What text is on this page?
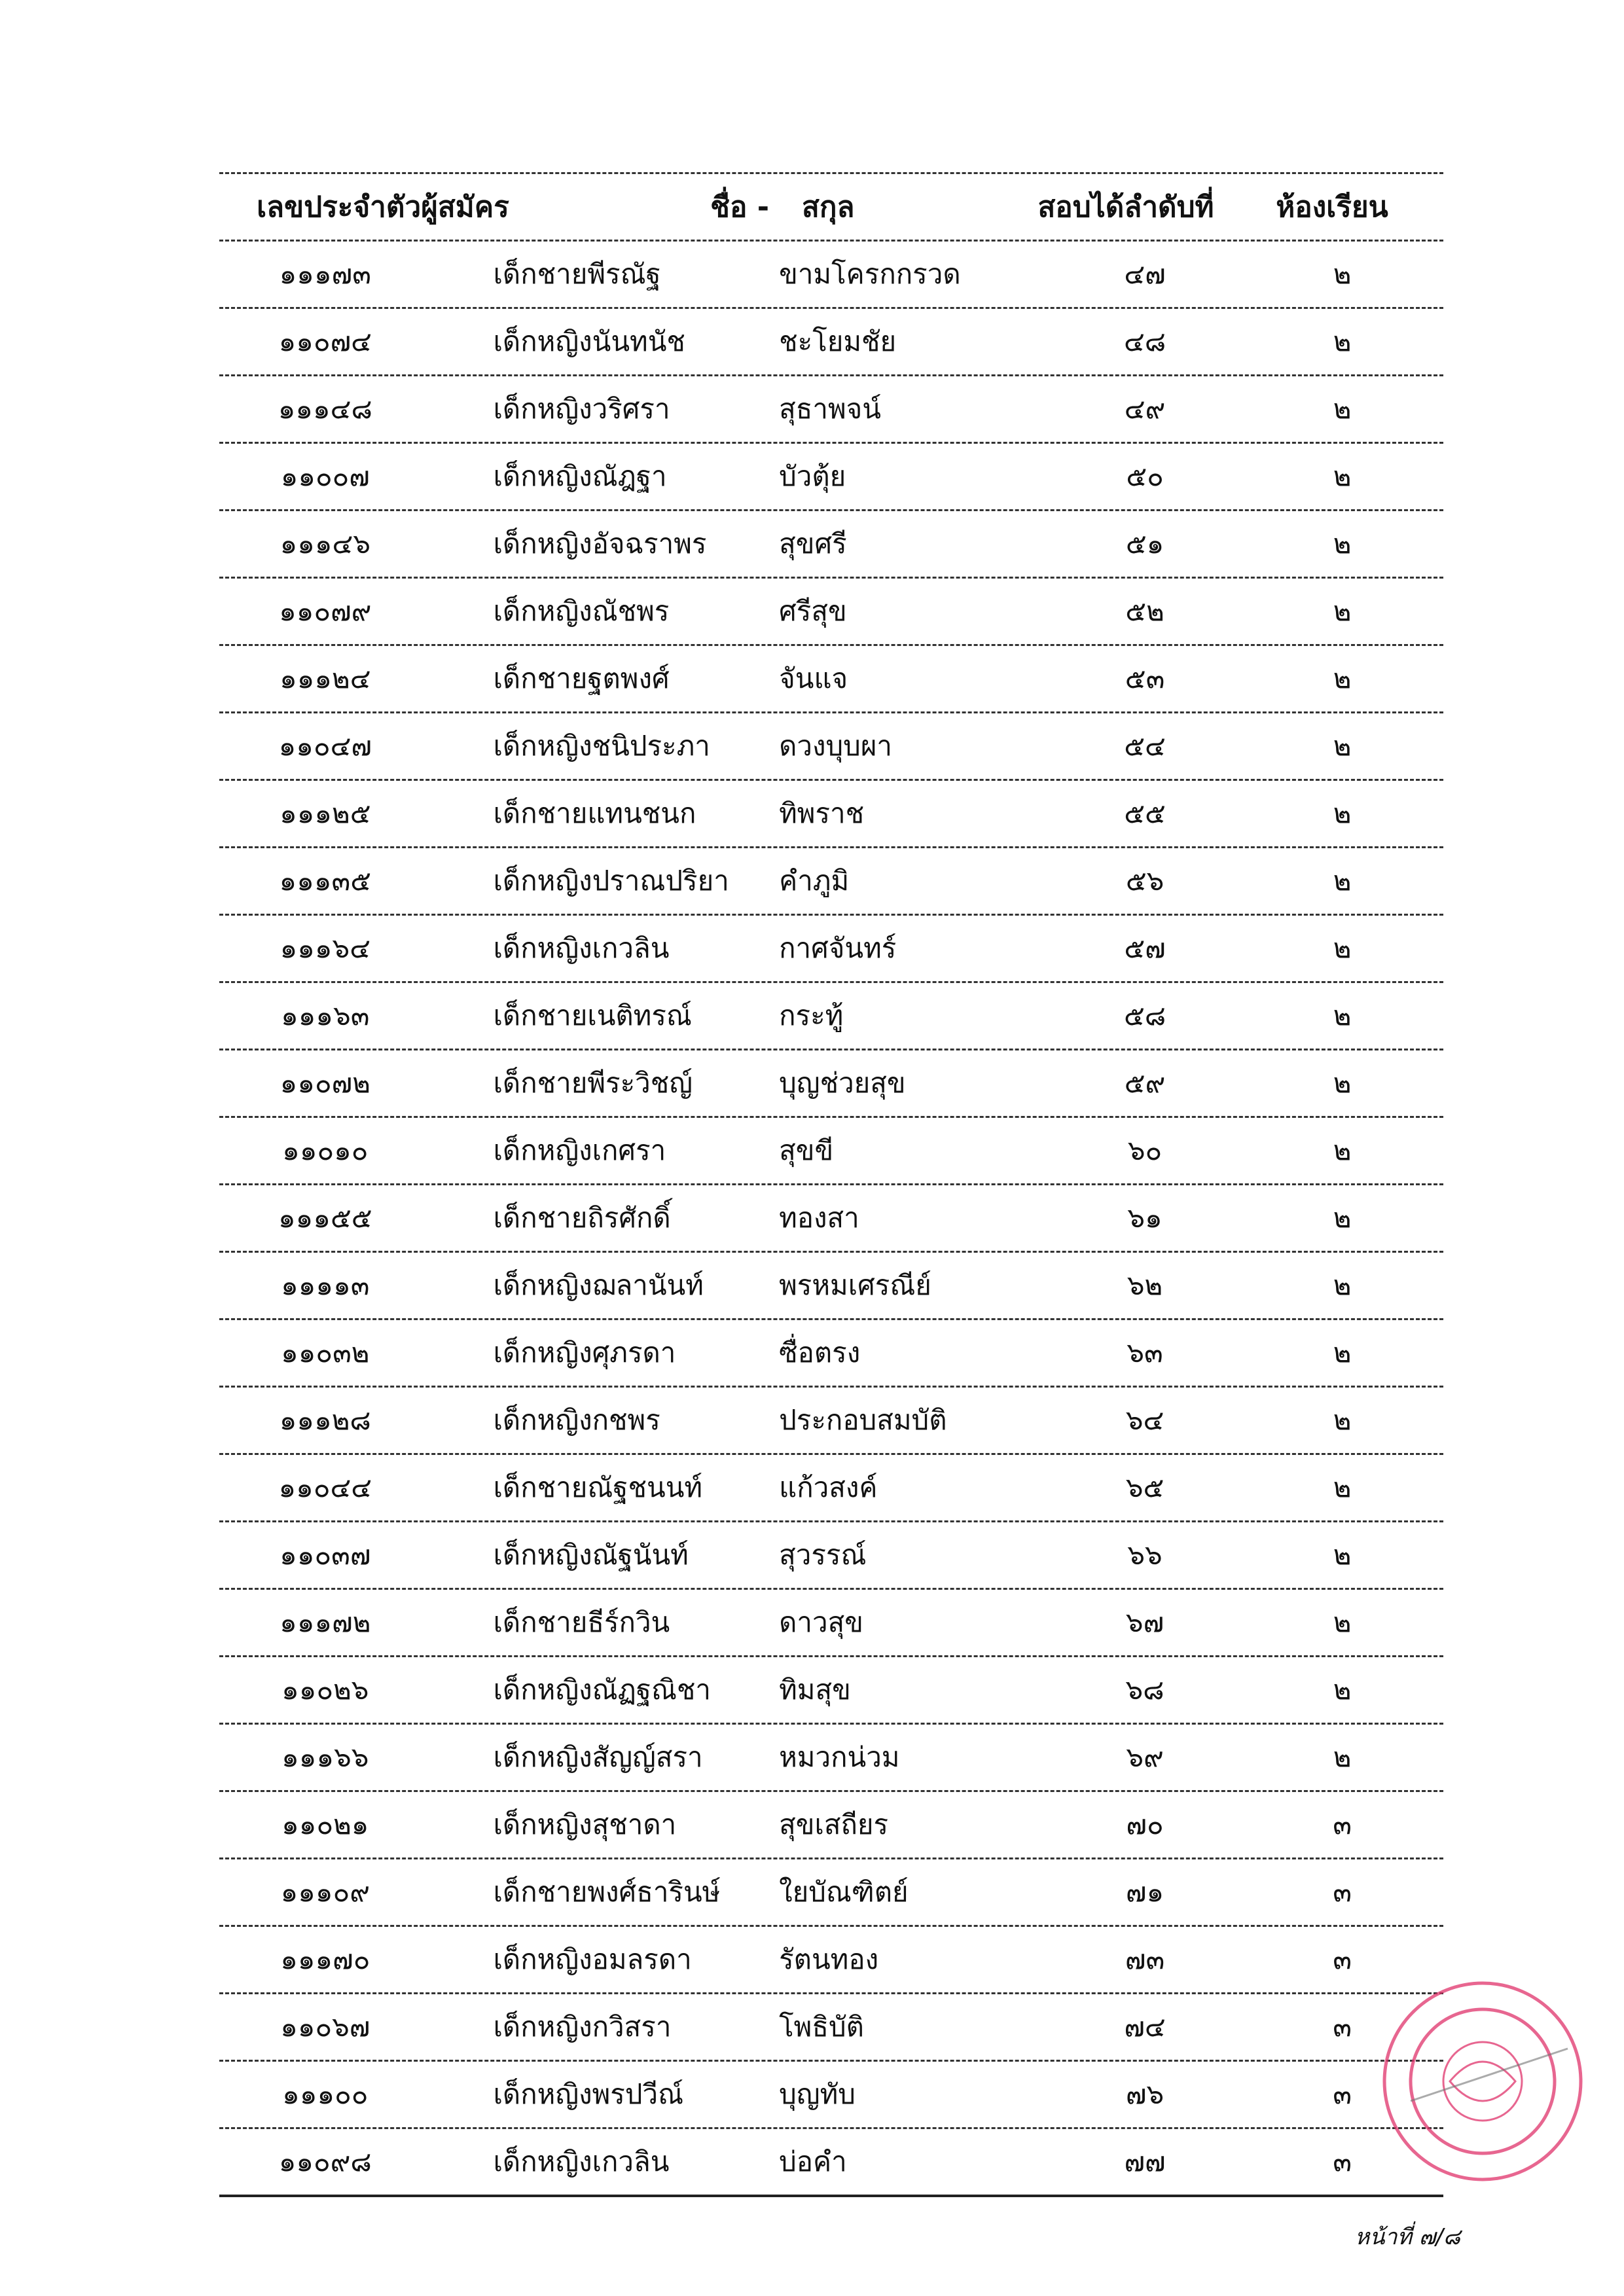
เลขประจำตัวผู้สมัคร	ชื่อ -	สกุล	สอบได้ลำดับที่	ห้องเรียน
๑๑๑๗๓	เด็กชายพีรณัฐ	ขามโครกกรวด	๔๗	๒
๑๑๐๗๔	เด็กหญิงนันทนัช	ชะโยมชัย	๔๘	๒
๑๑๑๔๘	เด็กหญิงวริศรา	สุธาพจน์	๔๙	๒
๑๑๐๐๗	เด็กหญิงณัฎฐา	บัวตุ้ย	๕๐	๒
๑๑๑๔๖	เด็กหญิงอัจฉราพร	สุขศรี	๕๑	๒
๑๑๐๗๙	เด็กหญิงณัชพร	ศรีสุข	๕๒	๒
๑๑๑๒๔	เด็กชายฐตพงศ์	จันแจ	๕๓	๒
๑๑๐๔๗	เด็กหญิงชนิประภา	ดวงบุบผา	๕๔	๒
๑๑๑๒๕	เด็กชายแทนชนก	ทิพราช	๕๕	๒
๑๑๑๓๕	เด็กหญิงปราณปริยา	คำภูมิ	๕๖	๒
๑๑๑๖๔	เด็กหญิงเกวลิน	กาศจันทร์	๕๗	๒
๑๑๑๖๓	เด็กชายเนติทรณ์	กระทู้	๕๘	๒
๑๑๐๗๒	เด็กชายพีระวิชญ์	บุญช่วยสุข	๕๙	๒
๑๑๐๑๐	เด็กหญิงเกศรา	สุขขี	๖๐	๒
๑๑๑๕๕	เด็กชายถิรศักดิ์	ทองสา	๖๑	๒
๑๑๑๑๓	เด็กหญิงฌลานันท์	พรหมเศรณีย์	๖๒	๒
๑๑๐๓๒	เด็กหญิงศุภรดา	ซื่อตรง	๖๓	๒
๑๑๑๒๘	เด็กหญิงกชพร	ประกอบสมบัติ	๖๔	๒
๑๑๐๔๔	เด็กชายณัฐชนนท์	แก้วสงค์	๖๕	๒
๑๑๐๓๗	เด็กหญิงณัฐนันท์	สุวรรณ์	๖๖	๒
๑๑๑๗๒	เด็กชายธีร์กวิน	ดาวสุข	๖๗	๒
๑๑๐๒๖	เด็กหญิงณัฏฐณิชา	ทิมสุข	๖๘	๒
๑๑๑๖๖	เด็กหญิงสัญญ์สรา	หมวกน่วม	๖๙	๒
๑๑๐๒๑	เด็กหญิงสุชาดา	สุขเสถียร	๗๐	๓
๑๑๑๐๙	เด็กชายพงศ์ธารินษ์	ใยบัณฑิตย์	๗๑	๓
๑๑๑๗๐	เด็กหญิงอมลรดา	รัตนทอง	๗๓	๓
๑๑๐๖๗	เด็กหญิงกวิสรา	โพธิบัติ	๗๔	๓
๑๑๑๐๐	เด็กหญิงพรปวีณ์	บุญทับ	๗๖	๓
๑๑๐๙๘	เด็กหญิงเกวลิน	บ่อคำ	๗๗	๓
หน้าที่ ๗/๘
